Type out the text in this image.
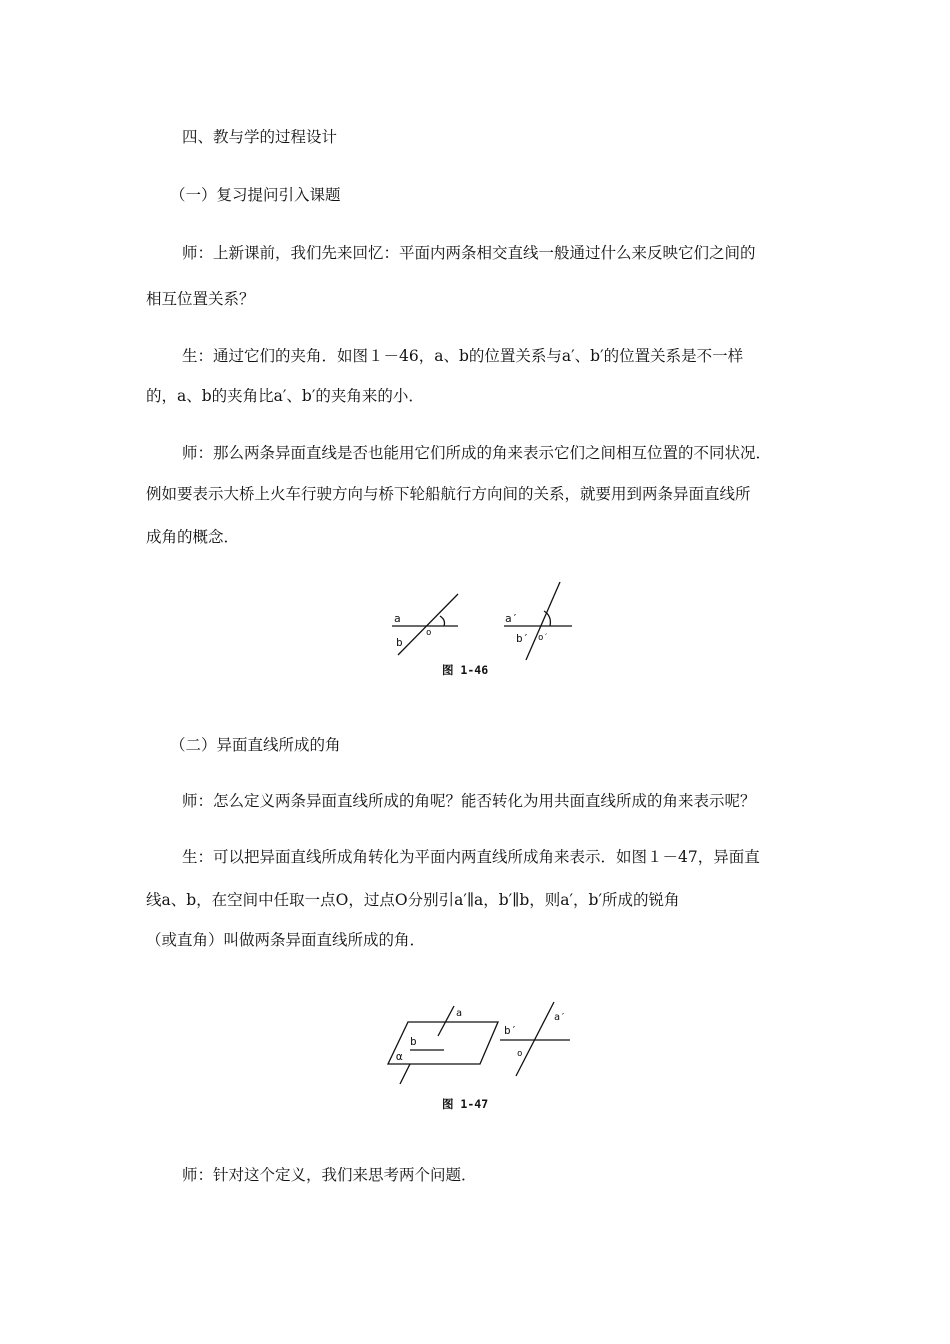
四、教与学的过程设计
（一）复习提问引入课题
师：上新课前，我们先来回忆：平面内两条相交直线一般通过什么来反映它们之间的
相互位置关系？
生：通过它们的夹角．如图１－46，a、b的位置关系与a′、b′的位置关系是不一样
的，a、b的夹角比a′、b′的夹角来的小．
师：那么两条异面直线是否也能用它们所成的角来表示它们之间相互位置的不同状况．
例如要表示大桥上火车行驶方向与桥下轮船航行方向间的关系，就要用到两条异面直线所
成角的概念．
a
b
o
a′
b′ o′
图 1-46
（二）异面直线所成的角
师：怎么定义两条异面直线所成的角呢？能否转化为用共面直线所成的角来表示呢？
生：可以把异面直线所成角转化为平面内两直线所成角来表示．如图１－47，异面直
线a、b，在空间中任取一点O，过点O分别引a′∥a，b′∥b，则a′，b′所成的锐角
（或直角）叫做两条异面直线所成的角．
a
b
α
a′
b′
o
图 1-47
师：针对这个定义，我们来思考两个问题．
